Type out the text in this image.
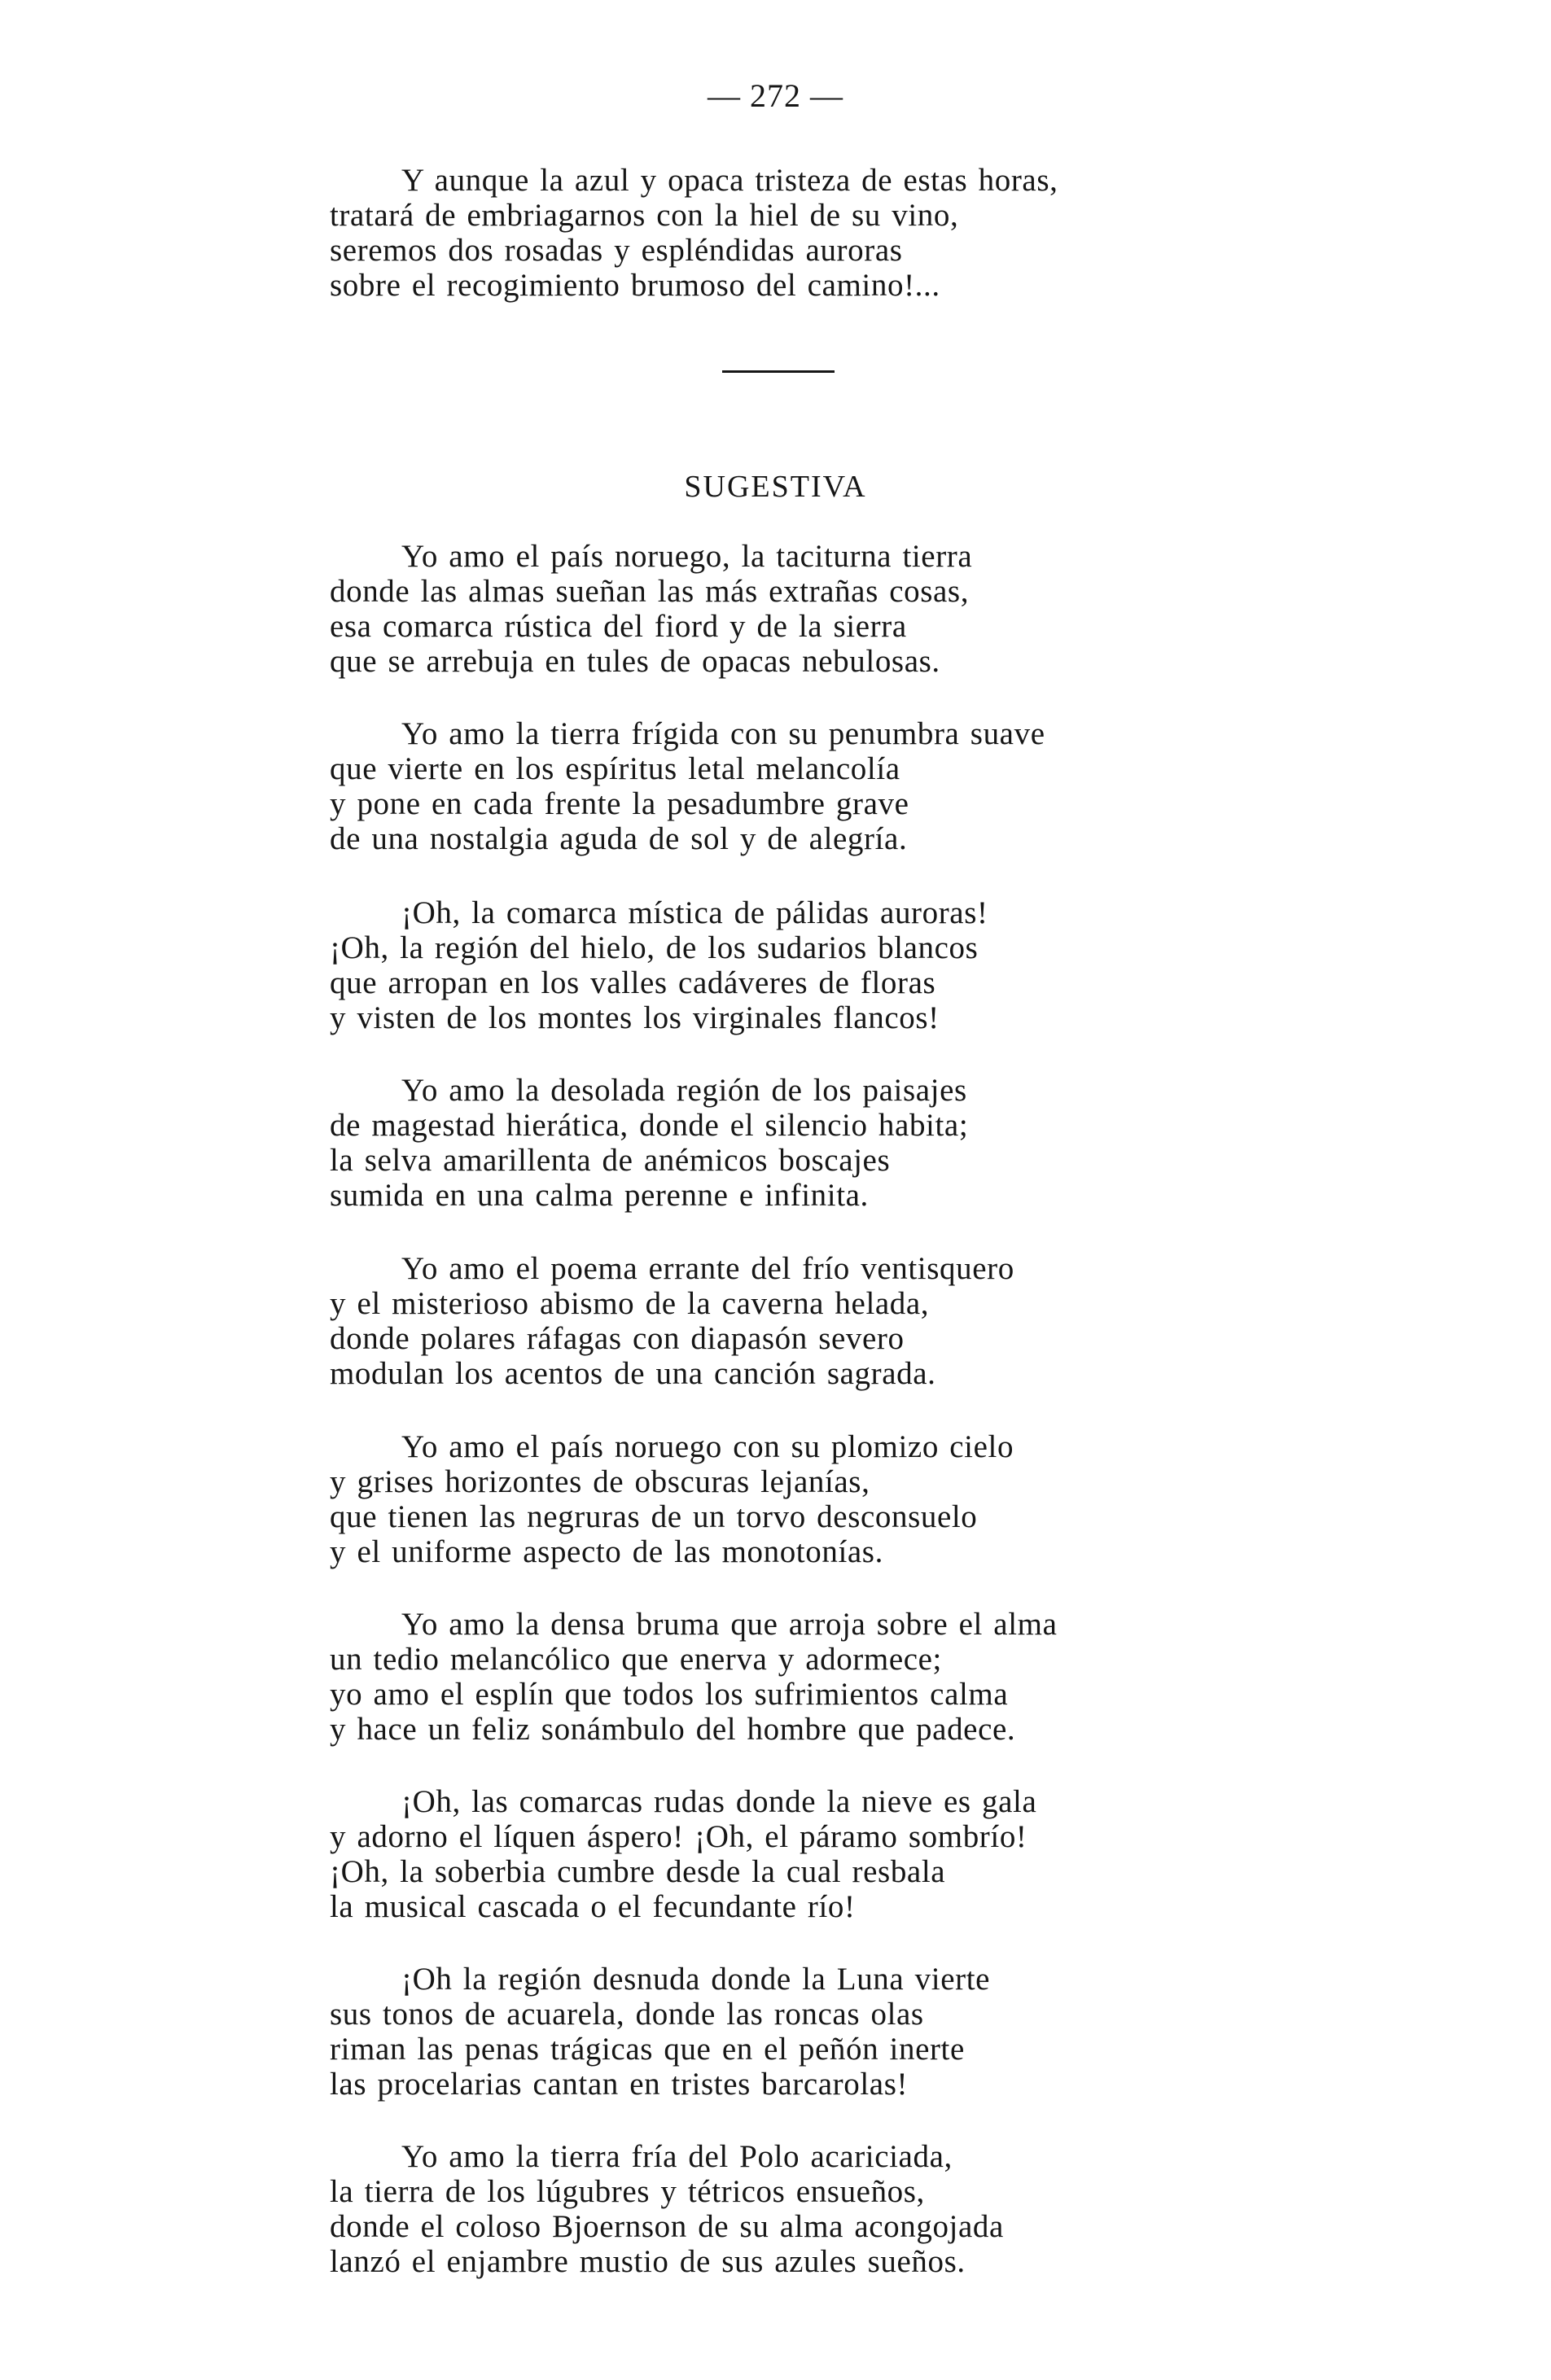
— 272 —
Y aunque la azul y opaca tristeza de estas horas,
tratará de embriagarnos con la hiel de su vino,
seremos dos rosadas y espléndidas auroras
sobre el recogimiento brumoso del camino!...
SUGESTIVA
Yo amo el país noruego, la taciturna tierra
donde las almas sueñan las más extrañas cosas,
esa comarca rústica del fiord y de la sierra
que se arrebuja en tules de opacas nebulosas.
Yo amo la tierra frígida con su penumbra suave
que vierte en los espíritus letal melancolía
y pone en cada frente la pesadumbre grave
de una nostalgia aguda de sol y de alegría.
¡Oh, la comarca mística de pálidas auroras!
¡Oh, la región del hielo, de los sudarios blancos
que arropan en los valles cadáveres de floras
y visten de los montes los virginales flancos!
Yo amo la desolada región de los paisajes
de magestad hierática, donde el silencio habita;
la selva amarillenta de anémicos boscajes
sumida en una calma perenne e infinita.
Yo amo el poema errante del frío ventisquero
y el misterioso abismo de la caverna helada,
donde polares ráfagas con diapasón severo
modulan los acentos de una canción sagrada.
Yo amo el país noruego con su plomizo cielo
y grises horizontes de obscuras lejanías,
que tienen las negruras de un torvo desconsuelo
y el uniforme aspecto de las monotonías.
Yo amo la densa bruma que arroja sobre el alma
un tedio melancólico que enerva y adormece;
yo amo el esplín que todos los sufrimientos calma
y hace un feliz sonámbulo del hombre que padece.
¡Oh, las comarcas rudas donde la nieve es gala
y adorno el líquen áspero! ¡Oh, el páramo sombrío!
¡Oh, la soberbia cumbre desde la cual resbala
la musical cascada o el fecundante río!
¡Oh la región desnuda donde la Luna vierte
sus tonos de acuarela, donde las roncas olas
riman las penas trágicas que en el peñón inerte
las procelarias cantan en tristes barcarolas!
Yo amo la tierra fría del Polo acariciada,
la tierra de los lúgubres y tétricos ensueños,
donde el coloso Bjoernson de su alma acongojada
lanzó el enjambre mustio de sus azules sueños.
